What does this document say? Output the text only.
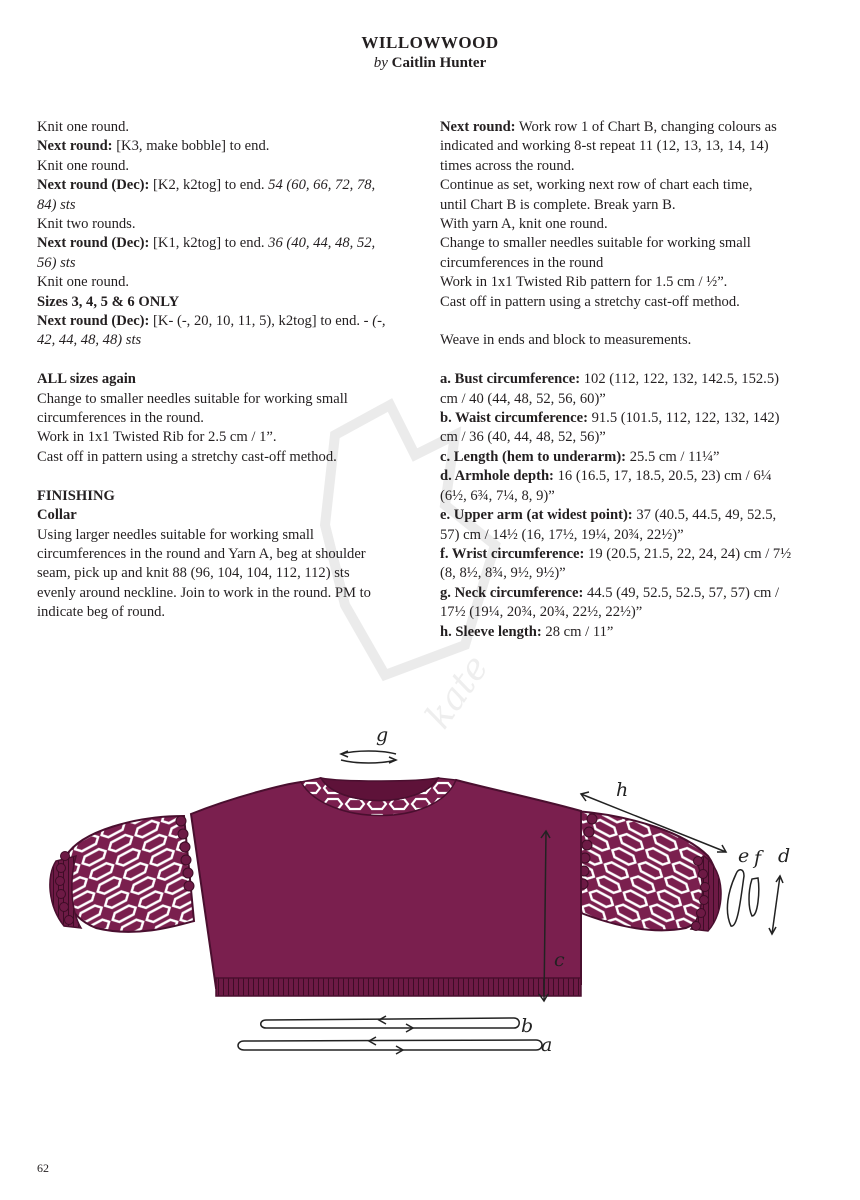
WILLOWWOOD
by Caitlin Hunter
kate
Knit one round.
Next round: [K3, make bobble] to end.
Knit one round.
Next round (Dec): [K2, k2tog] to end. 54 (60, 66, 72, 78,
84) sts
Knit two rounds.
Next round (Dec): [K1, k2tog] to end. 36 (40, 44, 48, 52,
56) sts
Knit one round.
Sizes 3, 4, 5 & 6 ONLY
Next round (Dec): [K- (-, 20, 10, 11, 5), k2tog] to end. - (-,
42, 44, 48, 48) sts
ALL sizes again
Change to smaller needles suitable for working small
circumferences in the round.
Work in 1x1 Twisted Rib for 2.5 cm / 1”.
Cast off in pattern using a stretchy cast-off method.
FINISHING
Collar
Using larger needles suitable for working small
circumferences in the round and Yarn A, beg at shoulder
seam, pick up and knit 88 (96, 104, 104, 112, 112) sts
evenly around neckline. Join to work in the round. PM to
indicate beg of round.
Next round: Work row 1 of Chart B, changing colours as
indicated and working 8-st repeat 11 (12, 13, 13, 14, 14)
times across the round.
Continue as set, working next row of chart each time,
until Chart B is complete. Break yarn B.
With yarn A, knit one round.
Change to smaller needles suitable for working small
circumferences in the round
Work in 1x1 Twisted Rib pattern for 1.5 cm / ½”.
Cast off in pattern using a stretchy cast-off method.
Weave in ends and block to measurements.
a. Bust circumference: 102 (112, 122, 132, 142.5, 152.5)
cm / 40 (44, 48, 52, 56, 60)”
b. Waist circumference: 91.5 (101.5, 112, 122, 132, 142)
cm / 36 (40, 44, 48, 52, 56)”
c. Length (hem to underarm): 25.5 cm / 11¼”
d. Armhole depth: 16 (16.5, 17, 18.5, 20.5, 23) cm / 6¼
(6½, 6¾, 7¼, 8, 9)”
e. Upper arm (at widest point): 37 (40.5, 44.5, 49, 52.5,
57) cm / 14½ (16, 17½, 19¼, 20¾, 22½)”
f. Wrist circumference: 19 (20.5, 21.5, 22, 24, 24) cm / 7½
(8, 8½, 8¾, 9½, 9½)”
g. Neck circumference: 44.5 (49, 52.5, 52.5, 57, 57) cm /
17½ (19¼, 20¾, 20¾, 22½, 22½)”
h. Sleeve length: 28 cm / 11”
g
h
c
b
a
e f d
62
